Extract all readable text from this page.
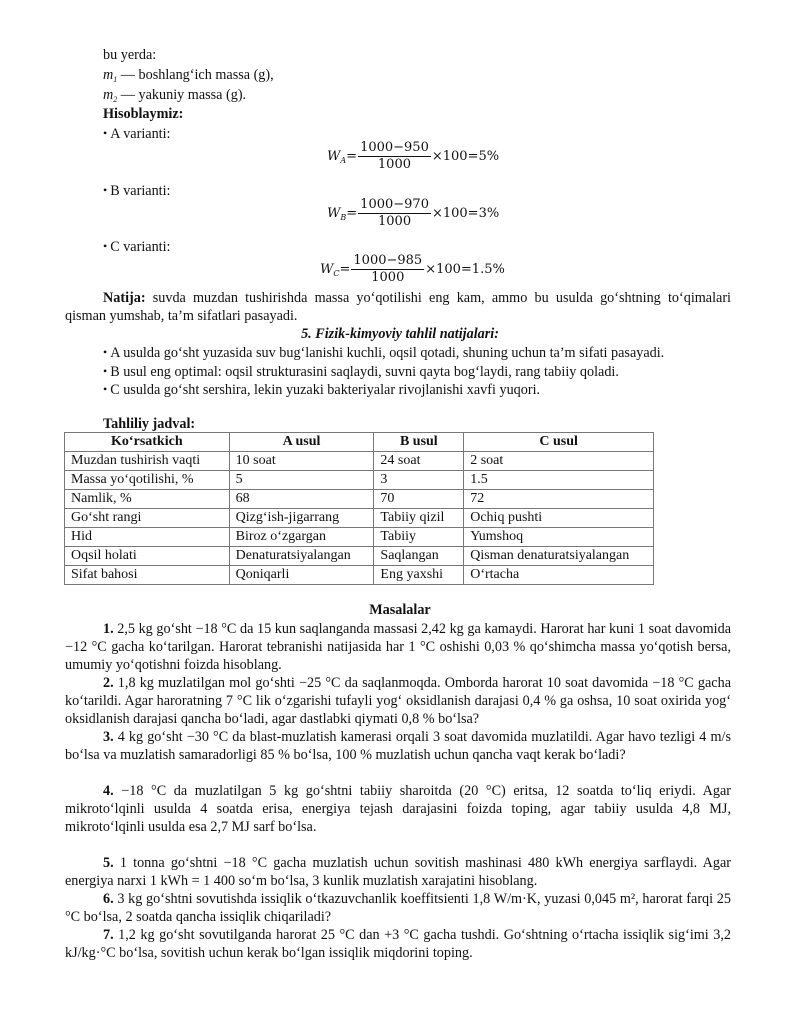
bu yerda:
$m_1$ — boshlang‘ich massa (g),
$m_2$ — yakuniy massa (g).
Hisoblaymiz:
• A varianti:
$W_A= \frac{1000-950}{1000} \times 100=5\%$
• B varianti:
$W_B= \frac{1000-970}{1000} \times 100=3\%$
• C varianti:
$W_C= \frac{1000-985}{1000} \times 100=1.5\%$
Natija: suvda muzdan tushirishda massa yo‘qotilishi eng kam, ammo bu usulda go‘shtning to‘qimalari qisman yumshab, ta’m sifatlari pasayadi.
5. Fizik-kimyoviy tahlil natijalari:
• A usulda go‘sht yuzasida suv bug‘lanishi kuchli, oqsil qotadi, shuning uchun ta’m sifati pasayadi.
• B usul eng optimal: oqsil strukturasini saqlaydi, suvni qayta bog‘laydi, rang tabiiy qoladi.
• C usulda go‘sht sershira, lekin yuzaki bakteriyalar rivojlanishi xavfi yuqori.
Tahliliy jadval:
Ko‘rsatkich	A usul	B usul	C usul
Muzdan tushirish vaqti	10 soat	24 soat	2 soat
Massa yo‘qotilishi, %	5	3	1.5
Namlik, %	68	70	72
Go‘sht rangi	Qizg‘ish-jigarrang	Tabiiy qizil	Ochiq pushti
Hid	Biroz o‘zgargan	Tabiiy	Yumshoq
Oqsil holati	Denaturatsiyalangan	Saqlangan	Qisman denaturatsiyalangan
Sifat bahosi	Qoniqarli	Eng yaxshi	O‘rtacha
Masalalar
1. 2,5 kg go‘sht −18 °C da 15 kun saqlanganda massasi 2,42 kg ga kamaydi. Harorat har kuni 1 soat davomida −12 °C gacha ko‘tarilgan. Harorat tebranishi natijasida har 1 °C oshishi 0,03 % qo‘shimcha massa yo‘qotish bersa, umumiy yo‘qotishni foizda hisoblang.
2. 1,8 kg muzlatilgan mol go‘shti −25 °C da saqlanmoqda. Omborda harorat 10 soat davomida −18 °C gacha ko‘tarildi. Agar haroratning 7 °C lik o‘zgarishi tufayli yog‘ oksidlanish darajasi 0,4 % ga oshsa, 10 soat oxirida yog‘ oksidlanish darajasi qancha bo‘ladi, agar dastlabki qiymati 0,8 % bo‘lsa?
3. 4 kg go‘sht −30 °C da blast-muzlatish kamerasi orqali 3 soat davomida muzlatildi. Agar havo tezligi 4 m/s bo‘lsa va muzlatish samaradorligi 85 % bo‘lsa, 100 % muzlatish uchun qancha vaqt kerak bo‘ladi?
4. −18 °C da muzlatilgan 5 kg go‘shtni tabiiy sharoitda (20 °C) eritsa, 12 soatda to‘liq eriydi. Agar mikroto‘lqinli usulda 4 soatda erisa, energiya tejash darajasini foizda toping, agar tabiiy usulda 4,8 MJ, mikroto‘lqinli usulda esa 2,7 MJ sarf bo‘lsa.
5. 1 tonna go‘shtni −18 °C gacha muzlatish uchun sovitish mashinasi 480 kWh energiya sarflaydi. Agar energiya narxi 1 kWh = 1 400 so‘m bo‘lsa, 3 kunlik muzlatish xarajatini hisoblang.
6. 3 kg go‘shtni sovutishda issiqlik o‘tkazuvchanlik koeffitsienti 1,8 W/m·K, yuzasi 0,045 m², harorat farqi 25 °C bo‘lsa, 2 soatda qancha issiqlik chiqariladi?
7. 1,2 kg go‘sht sovutilganda harorat 25 °C dan +3 °C gacha tushdi. Go‘shtning o‘rtacha issiqlik sig‘imi 3,2 kJ/kg·°C bo‘lsa, sovitish uchun kerak bo‘lgan issiqlik miqdorini toping.
